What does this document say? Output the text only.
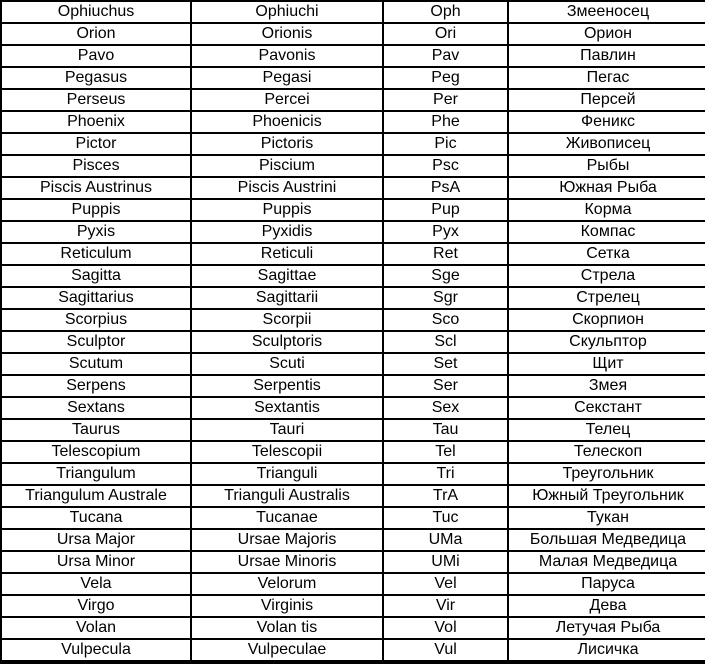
Ophiuchus	Ophiuchi	Oph	Змееносец
Orion	Orionis	Ori	Орион
Pavo	Pavonis	Pav	Павлин
Pegasus	Pegasi	Peg	Пегас
Perseus	Percei	Per	Персей
Phoenix	Phoenicis	Phe	Феникс
Pictor	Pictoris	Pic	Живописец
Pisces	Piscium	Psc	Рыбы
Piscis Austrinus	Piscis Austrini	PsA	Южная Рыба
Puppis	Puppis	Pup	Корма
Pyxis	Pyxidis	Pyx	Компас
Reticulum	Reticuli	Ret	Сетка
Sagitta	Sagittae	Sge	Стрела
Sagittarius	Sagittarii	Sgr	Стрелец
Scorpius	Scorpii	Sco	Скорпион
Sculptor	Sculptoris	Scl	Скульптор
Scutum	Scuti	Set	Щит
Serpens	Serpentis	Ser	Змея
Sextans	Sextantis	Sex	Секстант
Taurus	Tauri	Tau	Телец
Telescopium	Telescopii	Tel	Телескоп
Triangulum	Trianguli	Tri	Треугольник
Triangulum Australe	Trianguli Australis	TrA	Южный Треугольник
Tucana	Tucanae	Tuc	Тукан
Ursa Major	Ursae Majoris	UMa	Большая Медведица
Ursa Minor	Ursae Minoris	UMi	Малая Медведица
Vela	Velorum	Vel	Паруса
Virgo	Virginis	Vir	Дева
Volan	Volan tis	Vol	Летучая Рыба
Vulpecula	Vulpeculae	Vul	Лисичка
